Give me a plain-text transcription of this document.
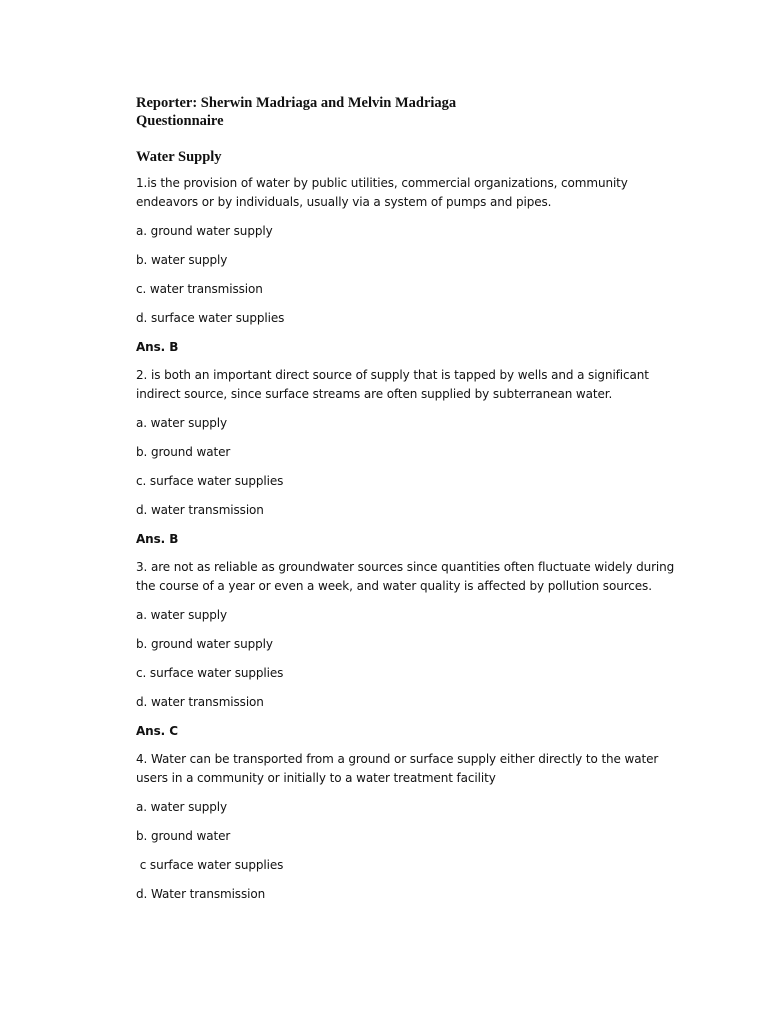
Reporter: Sherwin Madriaga and Melvin Madriaga

Questionnaire

Water Supply

1.is the provision of water by public utilities, commercial organizations, community endeavors or by individuals, usually via a system of pumps and pipes.

a. ground water supply

b. water supply

c. water transmission

d. surface water supplies

Ans. B

2. is both an important direct source of supply that is tapped by wells and a significant indirect source, since surface streams are often supplied by subterranean water.

a. water supply

b. ground water

c. surface water supplies

d. water transmission

Ans. B

3. are not as reliable as groundwater sources since quantities often fluctuate widely during the course of a year or even a week, and water quality is affected by pollution sources.

a. water supply

b. ground water supply

c. surface water supplies

d. water transmission

Ans. C

4. Water can be transported from a ground or surface supply either directly to the water users in a community or initially to a water treatment facility

a. water supply

b. ground water

c surface water supplies

d. Water transmission
